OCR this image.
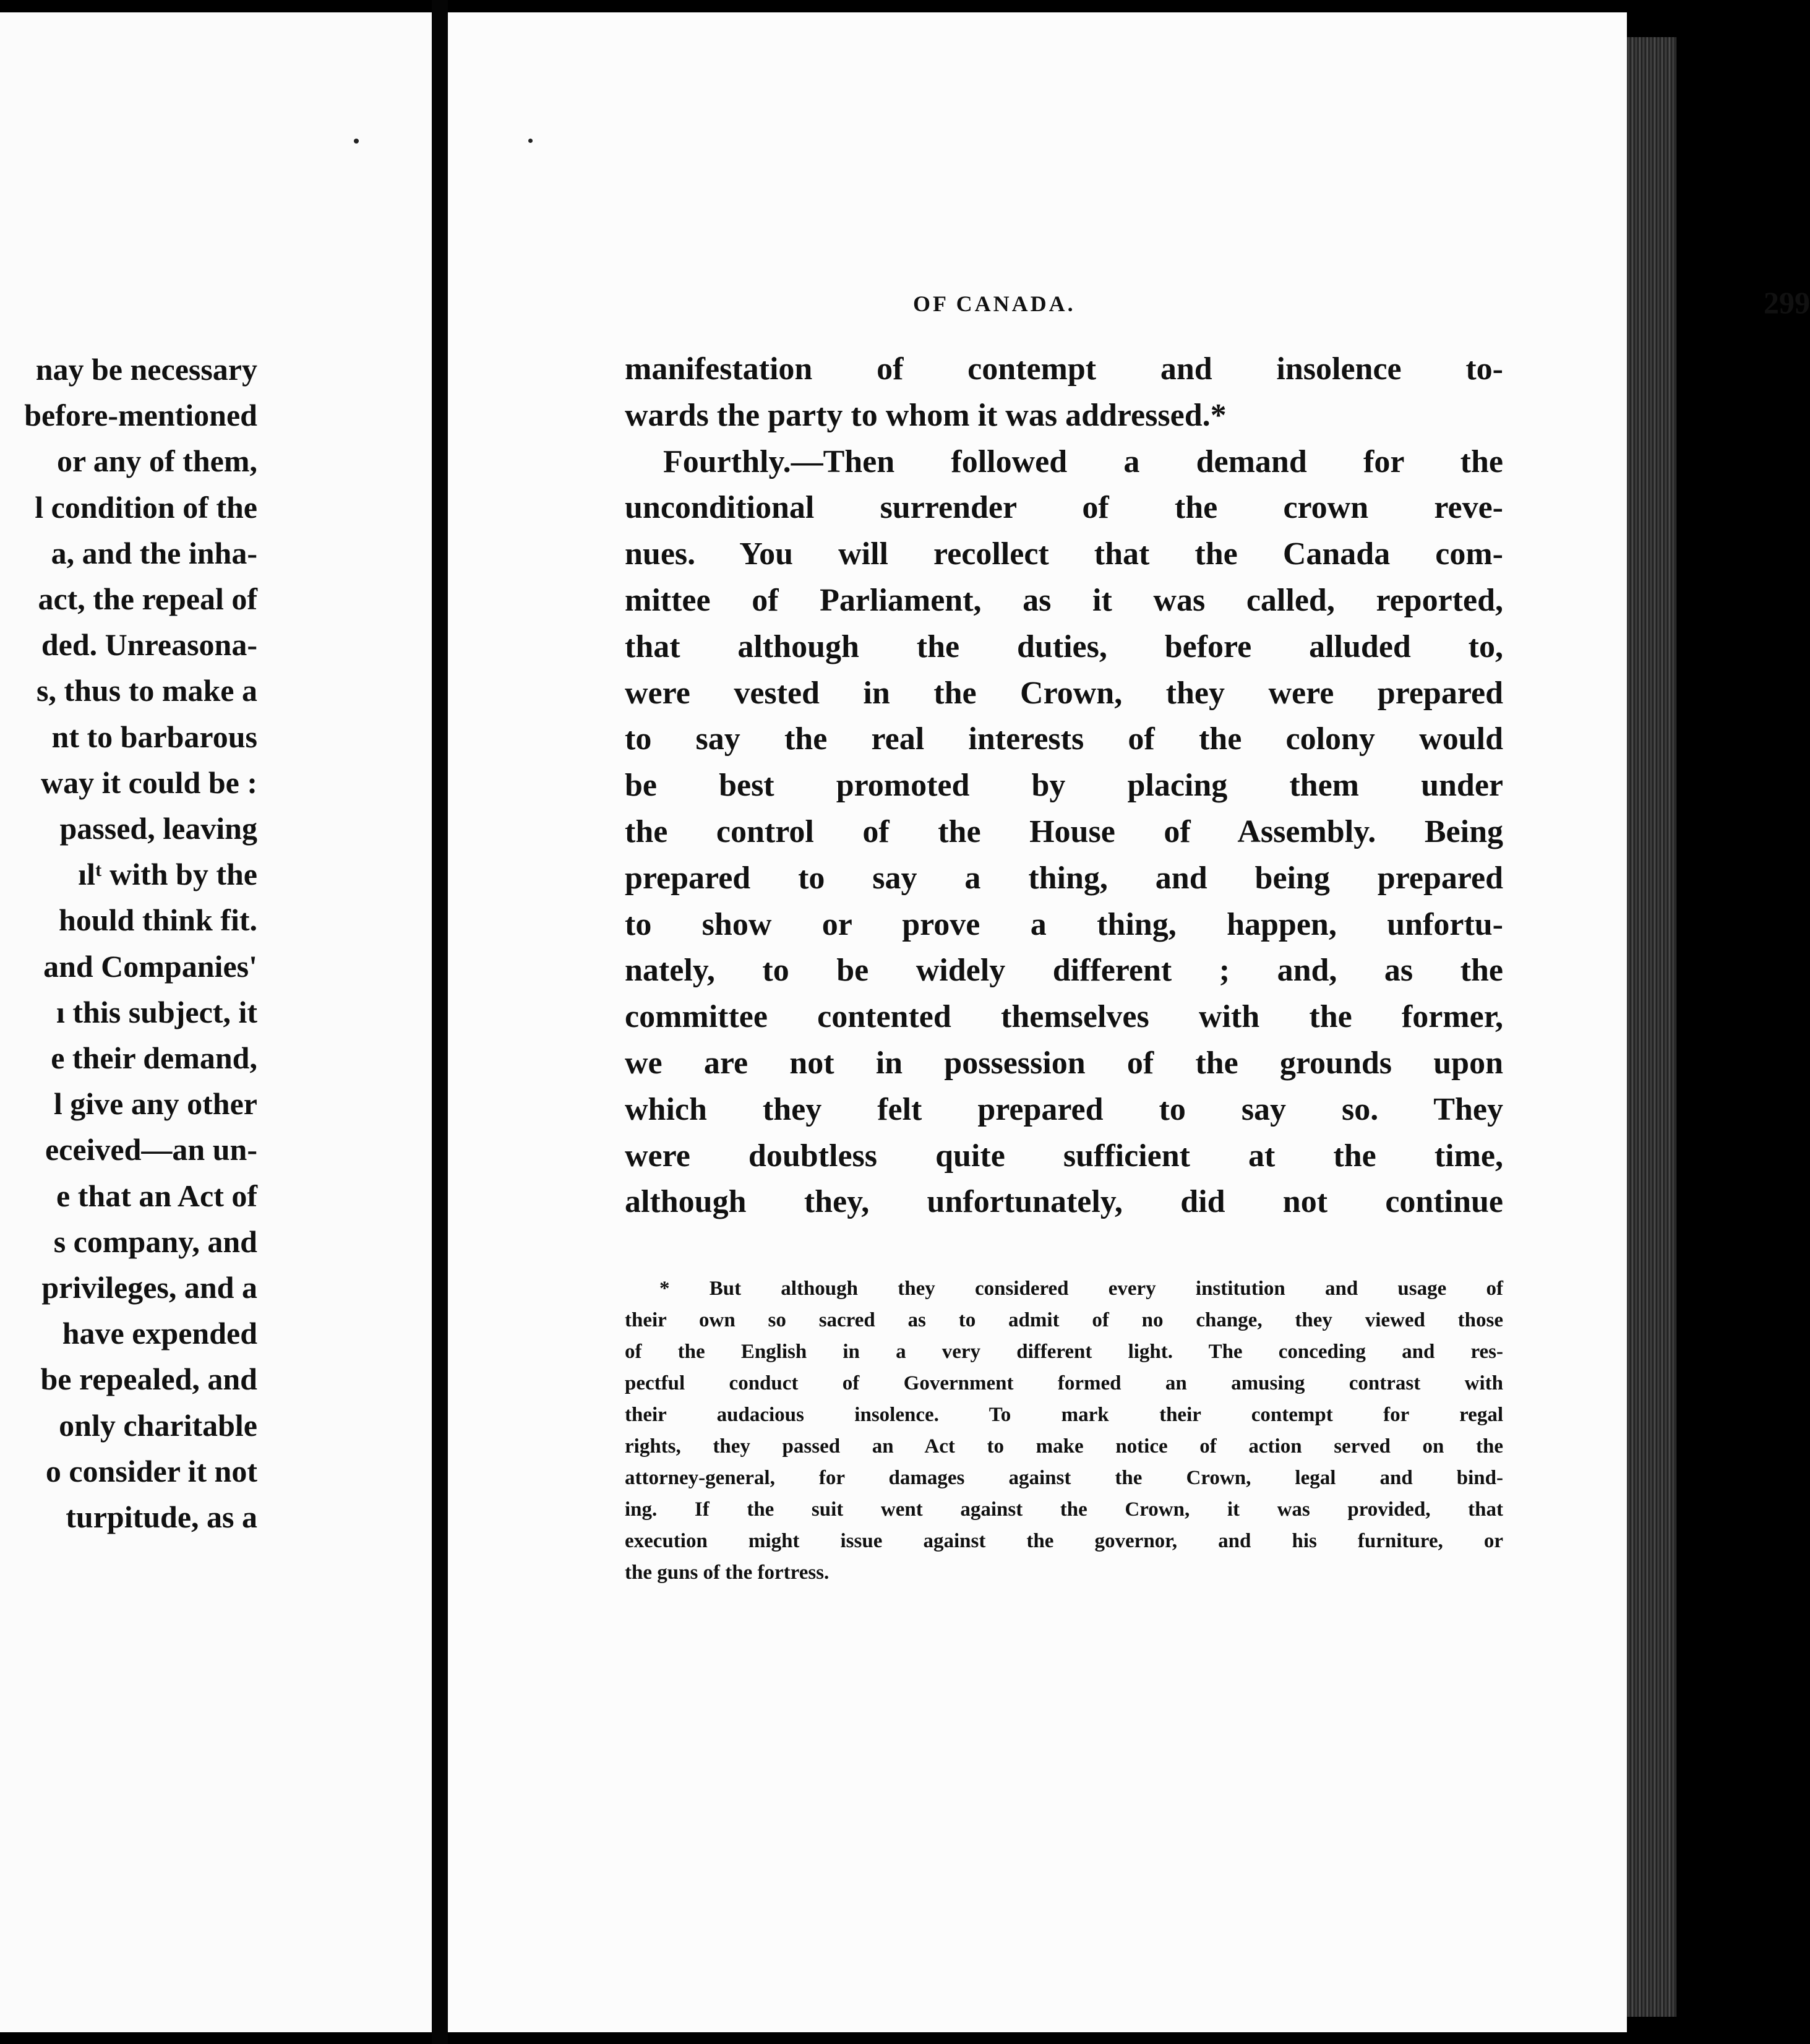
nay be necessary
before-mentioned
or any of them,
l condition of the
a, and the inha-
act, the repeal of
ded. Unreasona-
s, thus to make a
nt to barbarous
way it could be :
passed, leaving
ılᵗ with by the
hould think fit.
and Companies'
ı this subject, it
e their demand,
l give any other
eceived—an un-
e that an Act of
s company, and
privileges, and a
have expended
be repealed, and
only charitable
o consider it not
turpitude, as a
OF CANADA.	299
manifestation of contempt and insolence to-
wards the party to whom it was addressed.*
Fourthly.—Then followed a demand for the
unconditional surrender of the crown reve-
nues. You will recollect that the Canada com-
mittee of Parliament, as it was called, reported,
that although the duties, before alluded to,
were vested in the Crown, they were prepared
to say the real interests of the colony would
be best promoted by placing them under
the control of the House of Assembly. Being
prepared to say a thing, and being prepared
to show or prove a thing, happen, unfortu-
nately, to be widely different ; and, as the
committee contented themselves with the former,
we are not in possession of the grounds upon
which they felt prepared to say so. They
were doubtless quite sufficient at the time,
although they, unfortunately, did not continue
* But although they considered every institution and usage of
their own so sacred as to admit of no change, they viewed those
of the English in a very different light. The conceding and res-
pectful conduct of Government formed an amusing contrast with
their audacious insolence. To mark their contempt for regal
rights, they passed an Act to make notice of action served on the
attorney-general, for damages against the Crown, legal and bind-
ing. If the suit went against the Crown, it was provided, that
execution might issue against the governor, and his furniture, or
the guns of the fortress.
